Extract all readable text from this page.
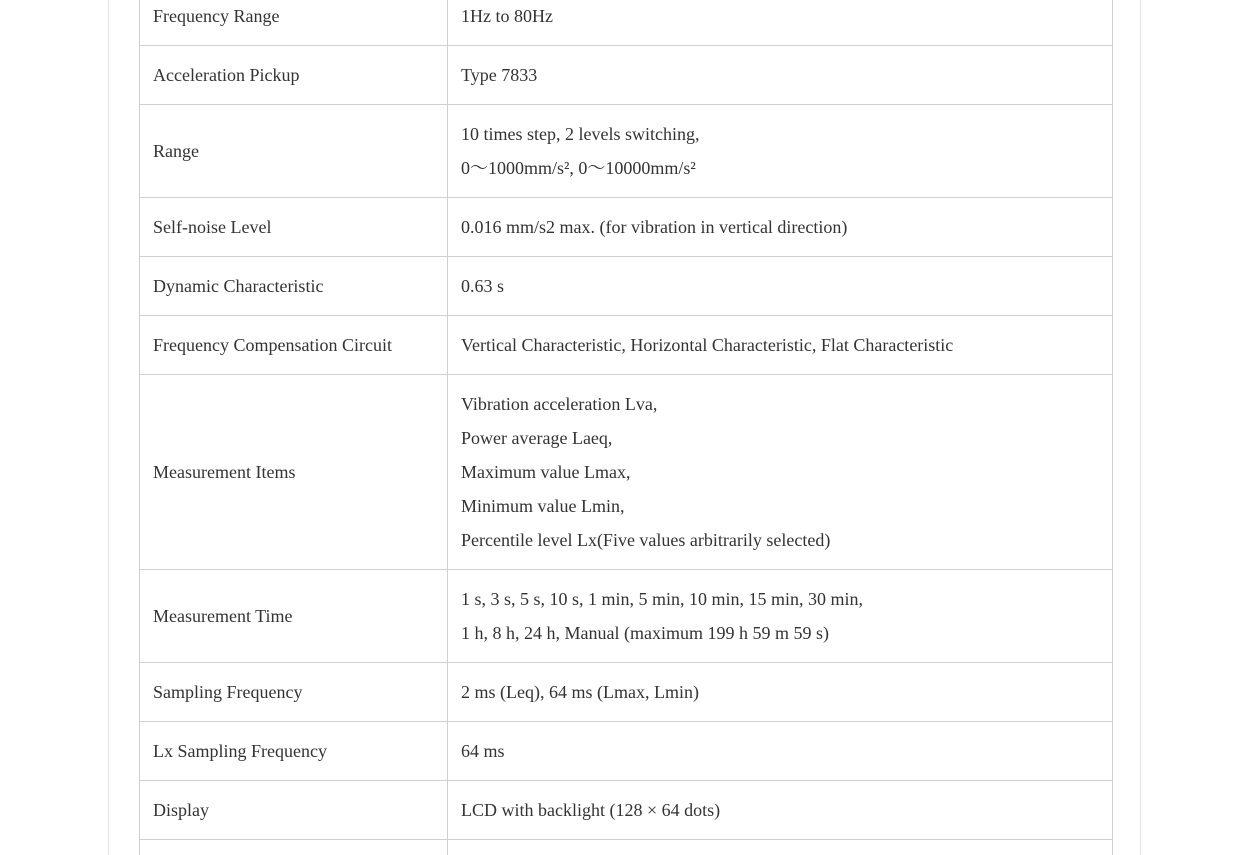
Frequency Range	1Hz to 80Hz

Acceleration Pickup	Type 7833

Range	10 times step, 2 levels switching,
0～1000mm/s², 0～10000mm/s²

Self-noise Level	0.016 mm/s2 max. (for vibration in vertical direction)

Dynamic Characteristic	0.63 s

Frequency Compensation Circuit	Vertical Characteristic, Horizontal Characteristic, Flat Characteristic

Measurement Items	Vibration acceleration Lva,
Power average Laeq,
Maximum value Lmax,
Minimum value Lmin,
Percentile level Lx(Five values arbitrarily selected)

Measurement Time	1 s, 3 s, 5 s, 10 s, 1 min, 5 min, 10 min, 15 min, 30 min,
1 h, 8 h, 24 h, Manual (maximum 199 h 59 m 59 s)

Sampling Frequency	2 ms (Leq), 64 ms (Lmax, Lmin)

Lx Sampling Frequency	64 ms

Display	LCD with backlight (128 × 64 dots)
